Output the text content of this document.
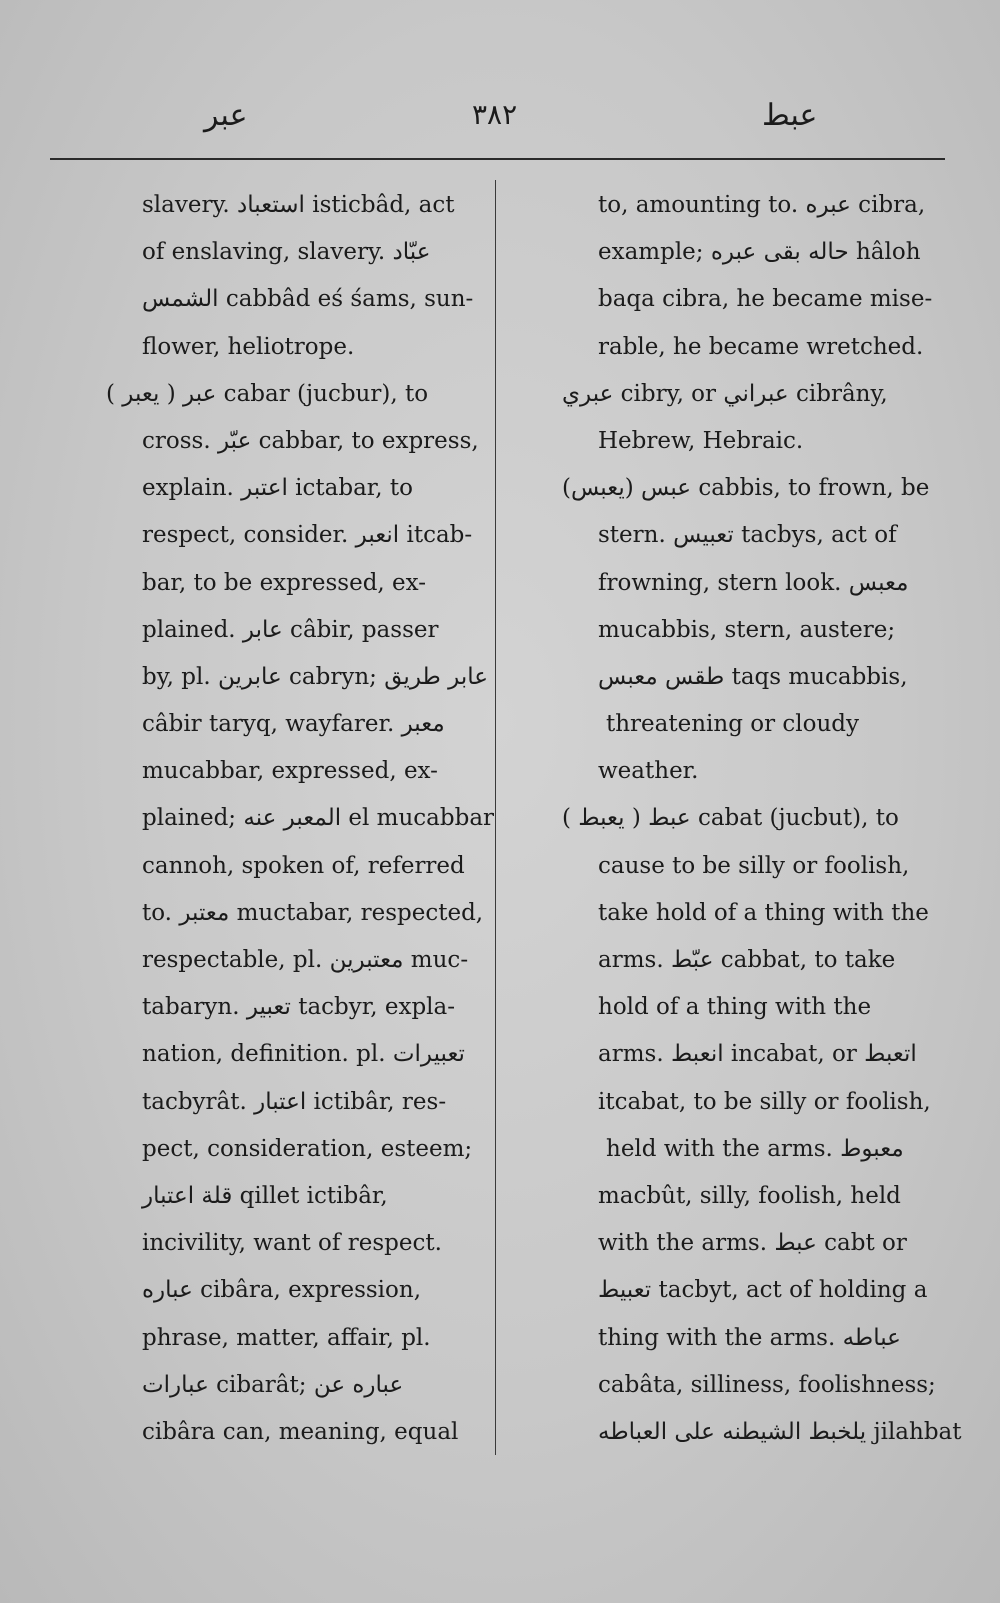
عبر	۳۸۲	عبط
slavery. استعباد isticbâd, act
of enslaving, slavery. عبّاد
الشمس cabbâd eś śams, sun-
flower, heliotrope.
عبر ( يعبر ) cabar (jucbur), to
cross. عبّر cabbar, to express,
explain. اعتبر ictabar, to
respect, consider. انعبر itcab-
bar, to be expressed, ex-
plained. عابر câbir, passer
by, pl. عابرين cabryn; عابر طريق
câbir taryq, wayfarer. معبر
mucabbar, expressed, ex-
plained; المعبر عنه el mucabbar
cannoh, spoken of, referred
to. معتبر muctabar, respected,
respectable, pl. معتبرين muc-
tabaryn. تعبير tacbyr, expla-
nation, definition. pl. تعبيرات
tacbyrât. اعتبار ictibâr, res-
pect, consideration, esteem;
قلة اعتبار qillet ictibâr,
incivility, want of respect.
عباره cibâra, expression,
phrase, matter, affair, pl.
عبارات cibarât; عباره عن
cibâra can, meaning, equal
to, amounting to. عبره cibra,
example; حاله بقى عبره hâloh
baqa cibra, he became mise-
rable, he became wretched.
عبري cibry, or عبراني cibrâny,
Hebrew, Hebraic.
عبس (يعبس) cabbis, to frown, be
stern. تعبيس tacbys, act of
frowning, stern look. معبس
mucabbis, stern, austere;
طقس معبس taqs mucabbis,
threatening or cloudy
weather.
عبط ( يعبط ) cabat (jucbut), to
cause to be silly or foolish,
take hold of a thing with the
arms. عبّط cabbat, to take
hold of a thing with the
arms. انعبط incabat, or اتعبط
itcabat, to be silly or foolish,
held with the arms. معبوط
macbût, silly, foolish, held
with the arms. عبط cabt or
تعبيط tacbyt, act of holding a
thing with the arms. عباطه
cabâta, silliness, foolishness;
يلخبط الشيطنه على العباطه jilahbat
